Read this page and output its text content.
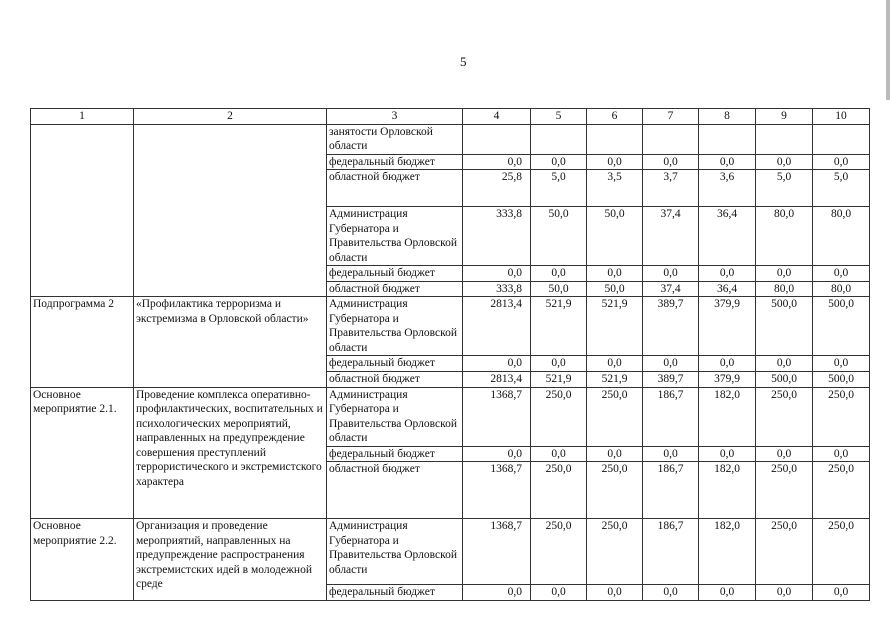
5
1	2	3	4	5	6	7	8	9	10
		занятости Орловской области							
		федеральный бюджет	0,0	0,0	0,0	0,0	0,0	0,0	0,0
		областной бюджет	25,8	5,0	3,5	3,7	3,6	5,0	5,0
		Администрация Губернатора и Правительства Орловской области	333,8	50,0	50,0	37,4	36,4	80,0	80,0
		федеральный бюджет	0,0	0,0	0,0	0,0	0,0	0,0	0,0
		областной бюджет	333,8	50,0	50,0	37,4	36,4	80,0	80,0
Подпрограмма 2	«Профилактика терроризма и экстремизма в Орловской области»	Администрация Губернатора и Правительства Орловской области	2813,4	521,9	521,9	389,7	379,9	500,0	500,0
		федеральный бюджет	0,0	0,0	0,0	0,0	0,0	0,0	0,0
		областной бюджет	2813,4	521,9	521,9	389,7	379,9	500,0	500,0
Основное мероприятие 2.1.	Проведение комплекса оперативно-профилактических, воспитательных и психологических мероприятий, направленных на предупреждение совершения преступлений террористического и экстремистского характера	Администрация Губернатора и Правительства Орловской области	1368,7	250,0	250,0	186,7	182,0	250,0	250,0
		федеральный бюджет	0,0	0,0	0,0	0,0	0,0	0,0	0,0
		областной бюджет	1368,7	250,0	250,0	186,7	182,0	250,0	250,0
Основное мероприятие 2.2.	Организация и проведение мероприятий, направленных на предупреждение распространения экстремистских идей в молодежной среде	Администрация Губернатора и Правительства Орловской области	1368,7	250,0	250,0	186,7	182,0	250,0	250,0
		федеральный бюджет	0,0	0,0	0,0	0,0	0,0	0,0	0,0
